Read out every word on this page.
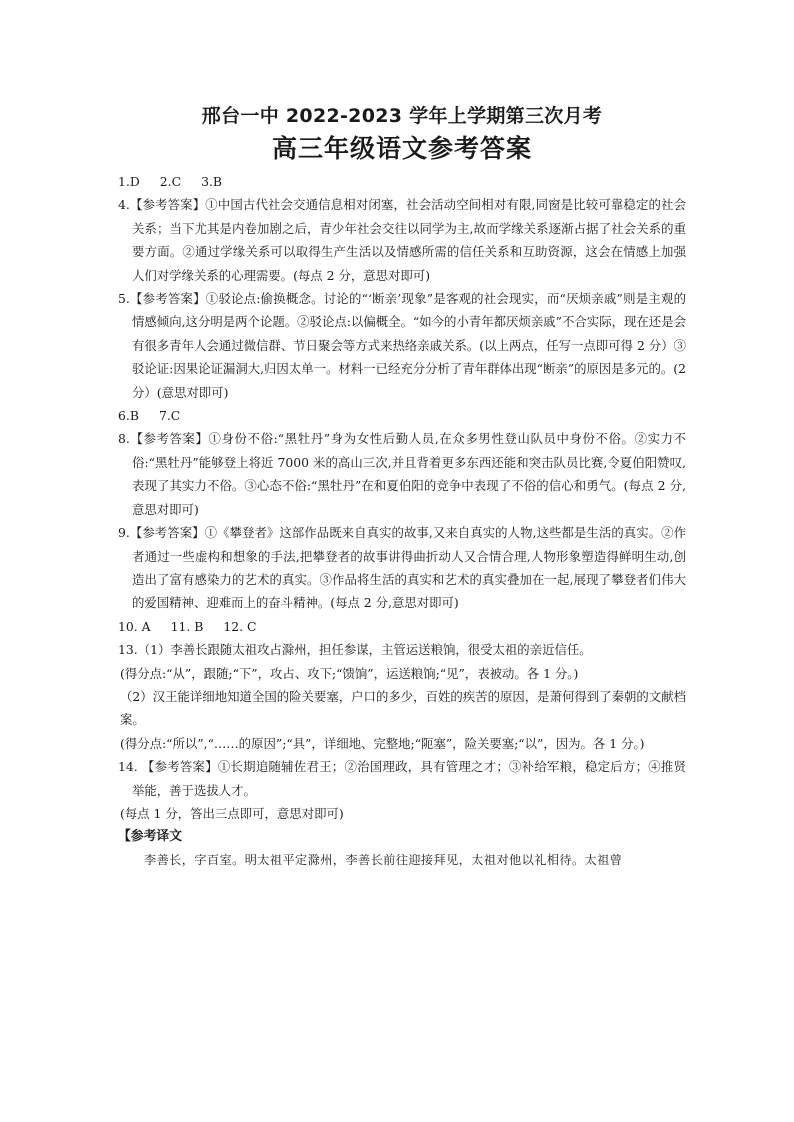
邢台一中 2022-2023 学年上学期第三次月考
高三年级语文参考答案

1.D 2.C 3.B

4.【参考答案】①中国古代社会交通信息相对闭塞，社会活动空间相对有限,同窗是比较可靠稳定的社会关系；当下尤其是内卷加剧之后，青少年社会交往以同学为主,故而学缘关系逐渐占据了社会关系的重要方面。②通过学缘关系可以取得生产生活以及情感所需的信任关系和互助资源，这会在情感上加强人们对学缘关系的心理需要。(每点 2 分，意思对即可)

5.【参考答案】①驳论点:偷换概念。讨论的“‘断亲’现象”是客观的社会现实，而“厌烦亲戚”则是主观的情感倾向,这分明是两个论题。②驳论点:以偏概全。“如今的小青年都厌烦亲戚”不合实际，现在还是会有很多青年人会通过微信群、节日聚会等方式来热络亲戚关系。(以上两点，任写一点即可得 2 分）③驳论证:因果论证漏洞大,归因太单一。材料一已经充分分析了青年群体出现“断亲”的原因是多元的。(2 分）(意思对即可)

6.B 7.C

8.【参考答案】①身份不俗:“黑牡丹”身为女性后勤人员,在众多男性登山队员中身份不俗。②实力不俗:“黑牡丹”能够登上将近 7000 米的高山三次,并且背着更多东西还能和突击队员比赛,令夏伯阳赞叹,表现了其实力不俗。③心态不俗:“黑牡丹”在和夏伯阳的竞争中表现了不俗的信心和勇气。(每点 2 分,意思对即可)

9.【参考答案】①《攀登者》这部作品既来自真实的故事,又来自真实的人物,这些都是生活的真实。②作者通过一些虚构和想象的手法,把攀登者的故事讲得曲折动人又合情合理,人物形象塑造得鲜明生动,创造出了富有感染力的艺术的真实。③作品将生活的真实和艺术的真实叠加在一起,展现了攀登者们伟大的爱国精神、迎难而上的奋斗精神。(每点 2 分,意思对即可)

10. A 11. B 12. C

13.（1）李善长跟随太祖攻占滁州，担任参谋，主管运送粮饷，很受太祖的亲近信任。

(得分点:“从”，跟随;“下”，攻占、攻下;“馈饷”，运送粮饷;“见”，表被动。各 1 分。)

（2）汉王能详细地知道全国的险关要塞，户口的多少，百姓的疾苦的原因，是萧何得到了秦朝的文献档案。

(得分点:“所以”,“……的原因”;“具”，详细地、完整地;“阨塞”，险关要塞;“以”，因为。各 1 分。)

14. 【参考答案】①长期追随辅佐君王；②治国理政，具有管理之才；③补给军粮，稳定后方；④推贤举能，善于选拔人才。

(每点 1 分，答出三点即可，意思对即可)

【参考译文

李善长，字百室。明太祖平定滁州，李善长前往迎接拜见，太祖对他以礼相待。太祖曾
